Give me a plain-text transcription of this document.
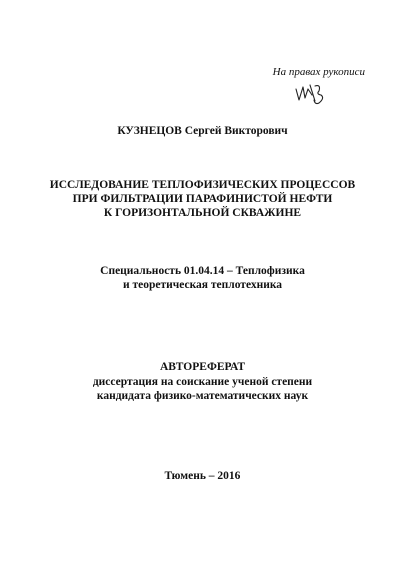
На правах рукописи
КУЗНЕЦОВ Сергей Викторович
ИССЛЕДОВАНИЕ ТЕПЛОФИЗИЧЕСКИХ ПРОЦЕССОВ
ПРИ ФИЛЬТРАЦИИ ПАРАФИНИСТОЙ НЕФТИ
К ГОРИЗОНТАЛЬНОЙ СКВАЖИНЕ
Специальность 01.04.14 – Теплофизика
и теоретическая теплотехника
АВТОРЕФЕРАТ
диссертация на соискание ученой степени
кандидата физико-математических наук
Тюмень – 2016
